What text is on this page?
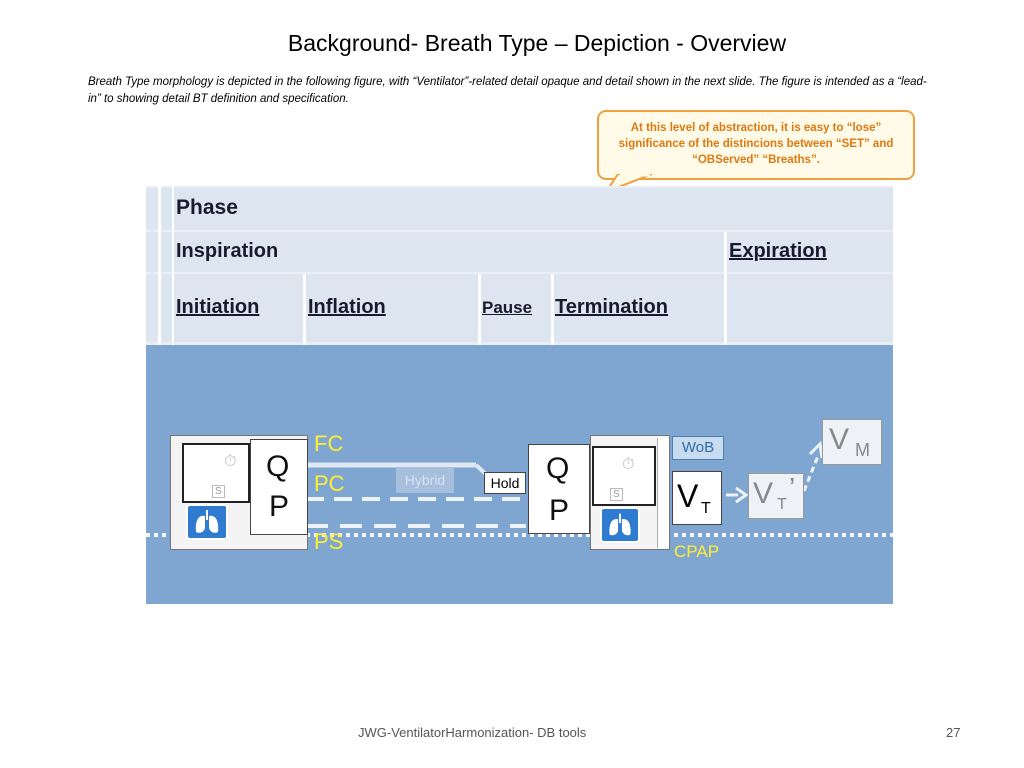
Background- Breath Type – Depiction - Overview
Breath Type morphology is depicted in the following figure, with “Ventilator”-related detail opaque and detail shown in the next slide. The figure is intended as a “lead-in” to showing detail BT definition and specification.
At this level of abstraction, it is easy to “lose” significance of the distincions between “SET” and “OBServed” “Breaths”.
Phase
Inspiration	Expiration
Initiation Inflation	Pause Termination
Q
P
⏱
S
FC
PC
PS	CPAP
Hybrid	Hold Q
P
⏱
S
WoB
V T V T
’
V M
JWG-VentilatorHarmonization- DB tools	27
